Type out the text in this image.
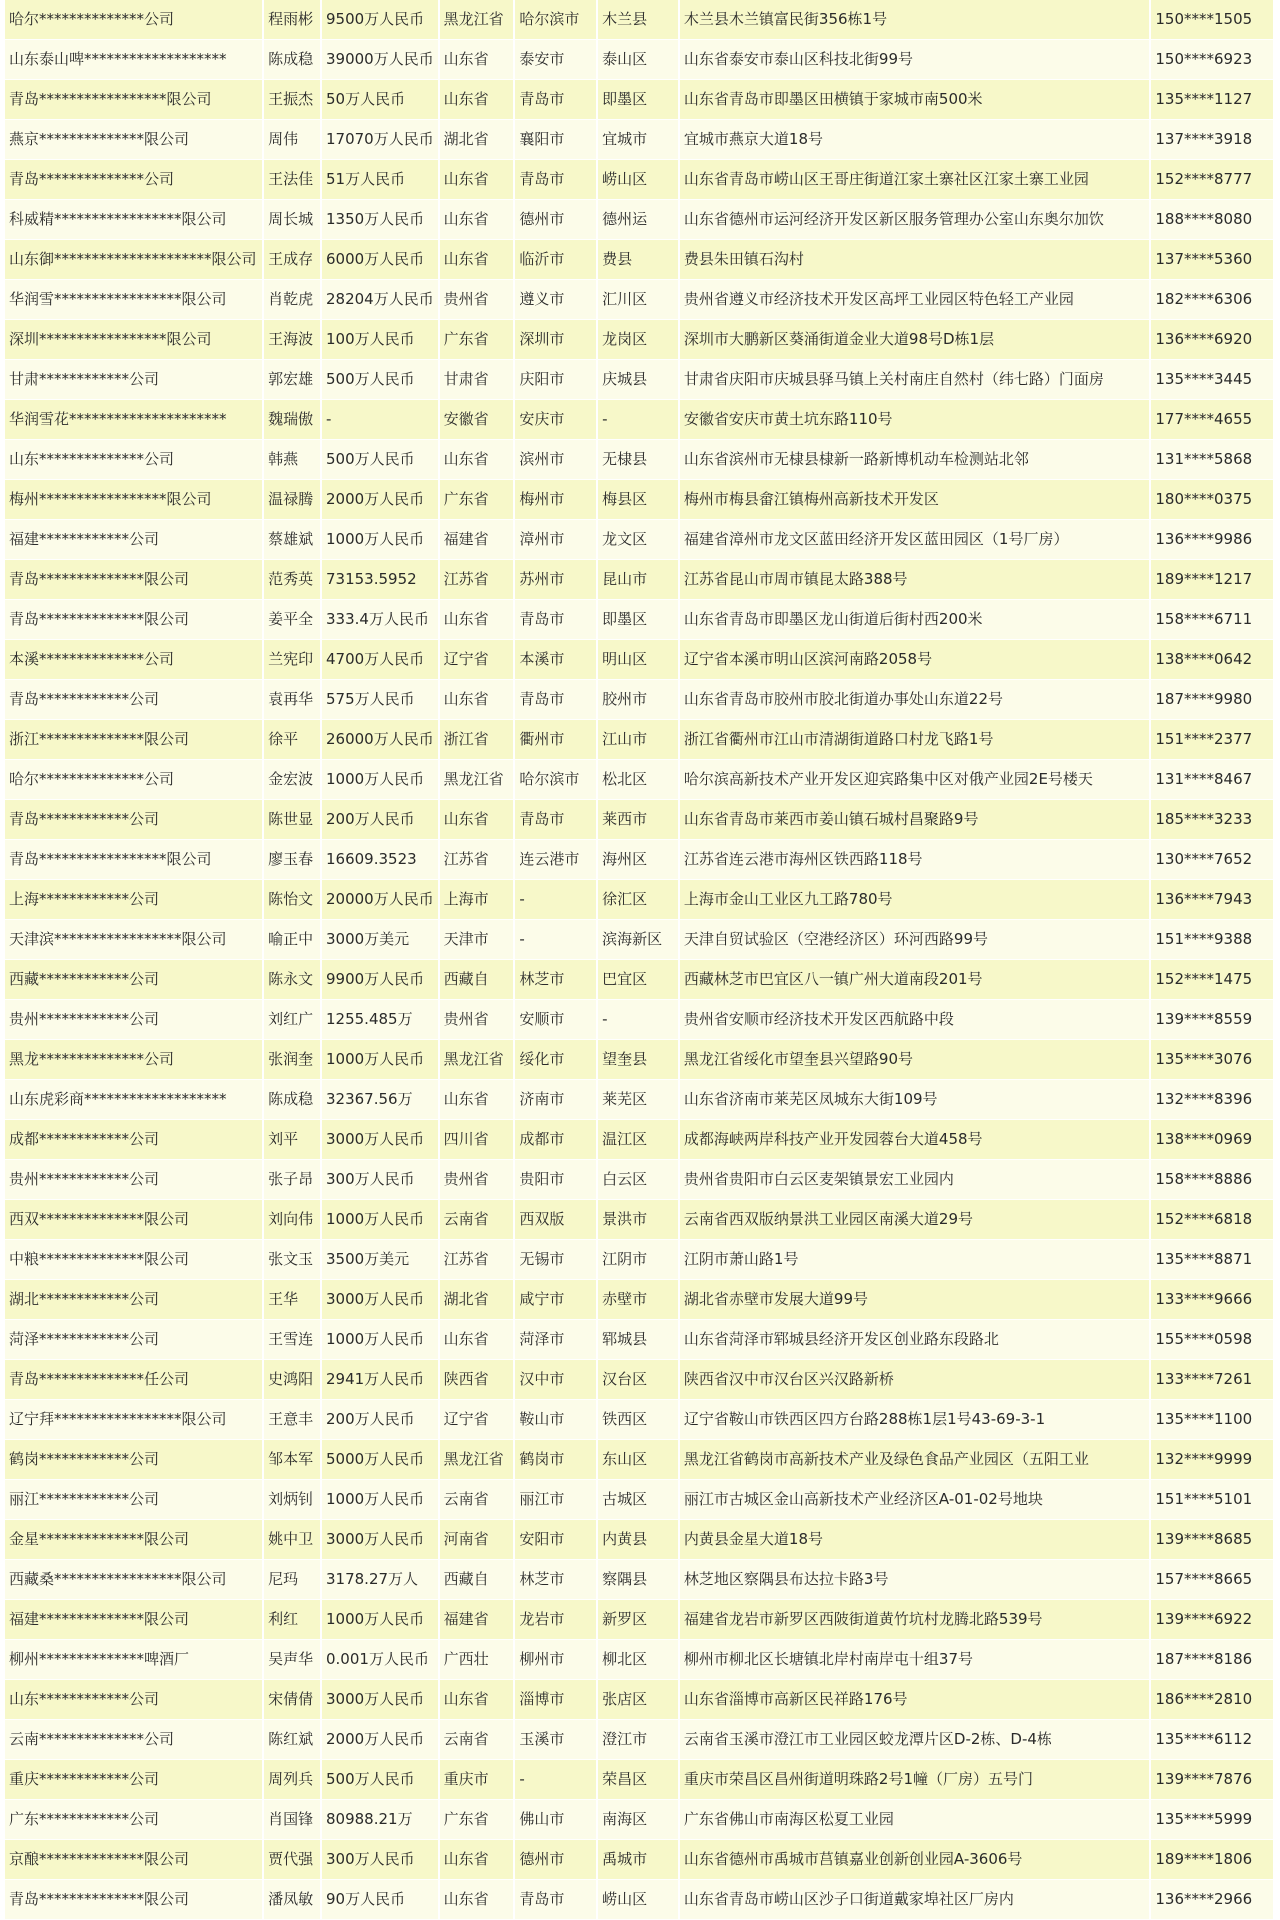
哈尔**************公司	程雨彬 9500万人民币	黑龙江省	哈尔滨市	木兰县	木兰县木兰镇富民街356栋1号	150****1505
山东泰山啤*******************	陈成稳 39000万人民币 山东省	泰安市	泰山区	山东省泰安市泰山区科技北街99号	150****6923
青岛*****************限公司	王振杰 50万人民币	山东省	青岛市	即墨区	山东省青岛市即墨区田横镇于家城市南500米	135****1127
燕京**************限公司	周伟	17070万人民币 湖北省	襄阳市	宜城市	宜城市燕京大道18号	137****3918
青岛**************公司	王法佳 51万人民币	山东省	青岛市	崂山区	山东省青岛市崂山区王哥庄街道江家土寨社区江家土寨工业园	152****8777
科威精*****************限公司	周长城 1350万人民币	山东省	德州市	德州运	山东省德州市运河经济开发区新区服务管理办公室山东奥尔加饮	188****8080
山东御*********************限公司 王成存 6000万人民币	山东省	临沂市	费县	费县朱田镇石沟村	137****5360
华润雪*****************限公司	肖乾虎 28204万人民币 贵州省	遵义市	汇川区	贵州省遵义市经济技术开发区高坪工业园区特色轻工产业园	182****6306
深圳*****************限公司	王海波 100万人民币	广东省	深圳市	龙岗区	深圳市大鹏新区葵涌街道金业大道98号D栋1层	136****6920
甘肃************公司	郭宏雄 500万人民币	甘肃省	庆阳市	庆城县	甘肃省庆阳市庆城县驿马镇上关村南庄自然村（纬七路）门面房	135****3445
华润雪花*********************	魏瑞傲 -	安徽省	安庆市	-	安徽省安庆市黄土坑东路110号	177****4655
山东**************公司	韩燕	500万人民币	山东省	滨州市	无棣县	山东省滨州市无棣县棣新一路新博机动车检测站北邻	131****5868
梅州*****************限公司	温禄腾 2000万人民币	广东省	梅州市	梅县区	梅州市梅县畲江镇梅州高新技术开发区	180****0375
福建************公司	蔡雄斌 1000万人民币	福建省	漳州市	龙文区	福建省漳州市龙文区蓝田经济开发区蓝田园区（1号厂房）	136****9986
青岛**************限公司	范秀英 73153.5952	江苏省	苏州市	昆山市	江苏省昆山市周市镇昆太路388号	189****1217
青岛**************限公司	姜平全 333.4万人民币 山东省	青岛市	即墨区	山东省青岛市即墨区龙山街道后街村西200米	158****6711
本溪**************公司	兰宪印 4700万人民币	辽宁省	本溪市	明山区	辽宁省本溪市明山区滨河南路2058号	138****0642
青岛************公司	袁再华 575万人民币	山东省	青岛市	胶州市	山东省青岛市胶州市胶北街道办事处山东道22号	187****9980
浙江**************限公司	徐平	26000万人民币 浙江省	衢州市	江山市	浙江省衢州市江山市清湖街道路口村龙飞路1号	151****2377
哈尔**************公司	金宏波 1000万人民币	黑龙江省	哈尔滨市	松北区	哈尔滨高新技术产业开发区迎宾路集中区对俄产业园2E号楼天	131****8467
青岛************公司	陈世显 200万人民币	山东省	青岛市	莱西市	山东省青岛市莱西市姜山镇石城村昌聚路9号	185****3233
青岛*****************限公司	廖玉春 16609.3523	江苏省	连云港市	海州区	江苏省连云港市海州区铁西路118号	130****7652
上海************公司	陈怡文 20000万人民币 上海市	-	徐汇区	上海市金山工业区九工路780号	136****7943
天津滨*****************限公司	喻正中 3000万美元	天津市	-	滨海新区	天津自贸试验区（空港经济区）环河西路99号	151****9388
西藏************公司	陈永文 9900万人民币	西藏自	林芝市	巴宜区	西藏林芝市巴宜区八一镇广州大道南段201号	152****1475
贵州************公司	刘红广 1255.485万	贵州省	安顺市	-	贵州省安顺市经济技术开发区西航路中段	139****8559
黑龙**************公司	张润奎 1000万人民币	黑龙江省	绥化市	望奎县	黑龙江省绥化市望奎县兴望路90号	135****3076
山东虎彩商*******************	陈成稳 32367.56万	山东省	济南市	莱芜区	山东省济南市莱芜区凤城东大街109号	132****8396
成都************公司	刘平	3000万人民币	四川省	成都市	温江区	成都海峡两岸科技产业开发园蓉台大道458号	138****0969
贵州************公司	张子昂 300万人民币	贵州省	贵阳市	白云区	贵州省贵阳市白云区麦架镇景宏工业园内	158****8886
西双**************限公司	刘向伟 1000万人民币	云南省	西双版	景洪市	云南省西双版纳景洪工业园区南溪大道29号	152****6818
中粮**************限公司	张文玉 3500万美元	江苏省	无锡市	江阴市	江阴市萧山路1号	135****8871
湖北************公司	王华	3000万人民币	湖北省	咸宁市	赤壁市	湖北省赤壁市发展大道99号	133****9666
菏泽************公司	王雪连 1000万人民币	山东省	菏泽市	郓城县	山东省菏泽市郓城县经济开发区创业路东段路北	155****0598
青岛**************任公司	史鸿阳 2941万人民币	陕西省	汉中市	汉台区	陕西省汉中市汉台区兴汉路新桥	133****7261
辽宁拜*****************限公司	王意丰 200万人民币	辽宁省	鞍山市	铁西区	辽宁省鞍山市铁西区四方台路288栋1层1号43-69-3-1	135****1100
鹤岗************公司	邹本军 5000万人民币	黑龙江省	鹤岗市	东山区	黑龙江省鹤岗市高新技术产业及绿色食品产业园区（五阳工业	132****9999
丽江************公司	刘炳钊 1000万人民币	云南省	丽江市	古城区	丽江市古城区金山高新技术产业经济区A-01-02号地块	151****5101
金星**************限公司	姚中卫 3000万人民币	河南省	安阳市	内黄县	内黄县金星大道18号	139****8685
西藏桑*****************限公司	尼玛	3178.27万人	西藏自	林芝市	察隅县	林芝地区察隅县布达拉卡路3号	157****8665
福建**************限公司	利红	1000万人民币	福建省	龙岩市	新罗区	福建省龙岩市新罗区西陂街道黄竹坑村龙腾北路539号	139****6922
柳州**************啤酒厂	吴声华 0.001万人民币 广西壮	柳州市	柳北区	柳州市柳北区长塘镇北岸村南岸屯十组37号	187****8186
山东************公司	宋倩倩 3000万人民币	山东省	淄博市	张店区	山东省淄博市高新区民祥路176号	186****2810
云南**************公司	陈红斌 2000万人民币	云南省	玉溪市	澄江市	云南省玉溪市澄江市工业园区蛟龙潭片区D-2栋、D-4栋	135****6112
重庆************公司	周列兵 500万人民币	重庆市	-	荣昌区	重庆市荣昌区昌州街道明珠路2号1幢（厂房）五号门	139****7876
广东************公司	肖国锋 80988.21万	广东省	佛山市	南海区	广东省佛山市南海区松夏工业园	135****5999
京酿**************限公司	贾代强 300万人民币	山东省	德州市	禹城市	山东省德州市禹城市莒镇嘉业创新创业园A-3606号	189****1806
青岛**************限公司	潘凤敏 90万人民币	山东省	青岛市	崂山区	山东省青岛市崂山区沙子口街道戴家埠社区厂房内	136****2966
